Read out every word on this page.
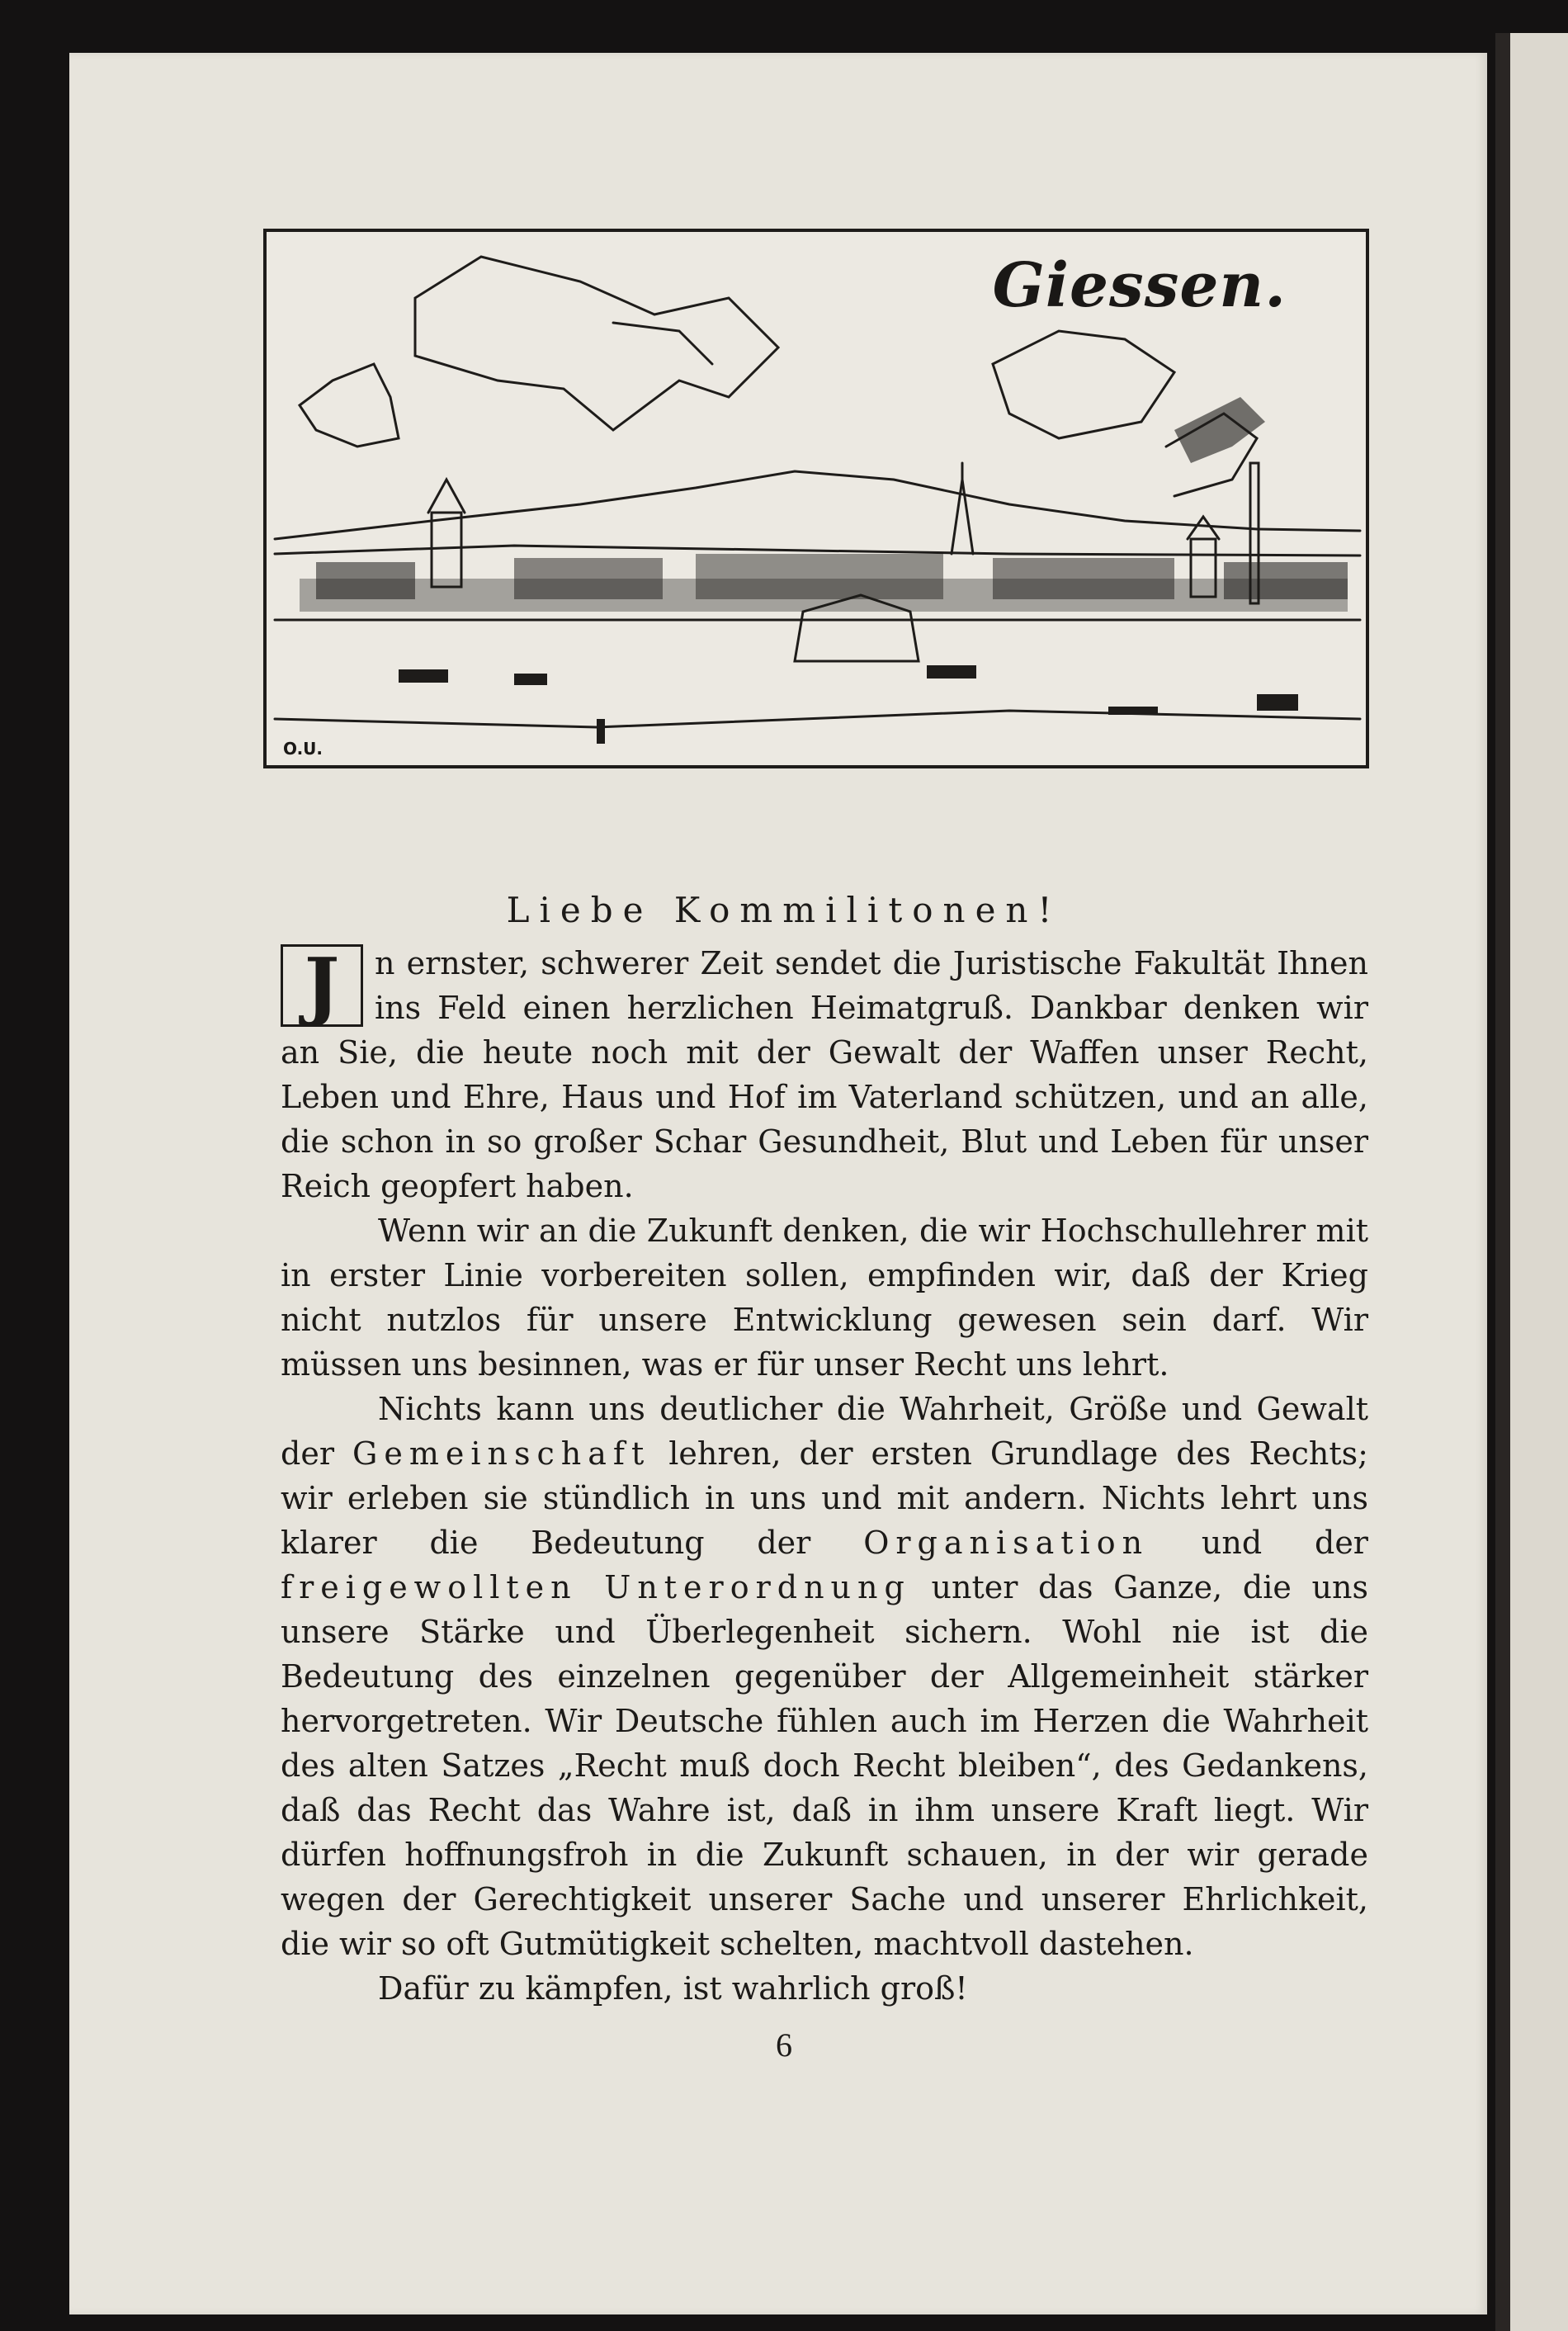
Giessen.
O.U.
Liebe Kommilitonen!

J	n ernster, schwerer Zeit sendet die Juristische Fakultät Ihnen ins Feld einen herzlichen Heimatgruß. Dankbar denken wir an Sie, die heute noch mit der Gewalt der Waffen unser Recht, Leben und Ehre, Haus und Hof im Vaterland schützen, und an alle, die schon in so großer Schar Gesundheit, Blut und Leben für unser Reich geopfert haben.

Wenn wir an die Zukunft denken, die wir Hochschullehrer mit in erster Linie vorbereiten sollen, empfinden wir, daß der Krieg nicht nutzlos für unsere Entwicklung gewesen sein darf. Wir müssen uns besinnen, was er für unser Recht uns lehrt.

Nichts kann uns deutlicher die Wahrheit, Größe und Gewalt der Gemeinschaft lehren, der ersten Grundlage des Rechts; wir erleben sie stündlich in uns und mit andern. Nichts lehrt uns klarer die Bedeutung der Organisation und der freigewollten Unterordnung unter das Ganze, die uns unsere Stärke und Überlegenheit sichern. Wohl nie ist die Bedeutung des einzelnen gegenüber der Allgemeinheit stärker hervorgetreten. Wir Deutsche fühlen auch im Herzen die Wahrheit des alten Satzes „Recht muß doch Recht bleiben“, des Gedankens, daß das Recht das Wahre ist, daß in ihm unsere Kraft liegt. Wir dürfen hoffnungsfroh in die Zukunft schauen, in der wir gerade wegen der Gerechtigkeit unserer Sache und unserer Ehrlichkeit, die wir so oft Gutmütigkeit schelten, machtvoll dastehen.

Dafür zu kämpfen, ist wahrlich groß!

6
